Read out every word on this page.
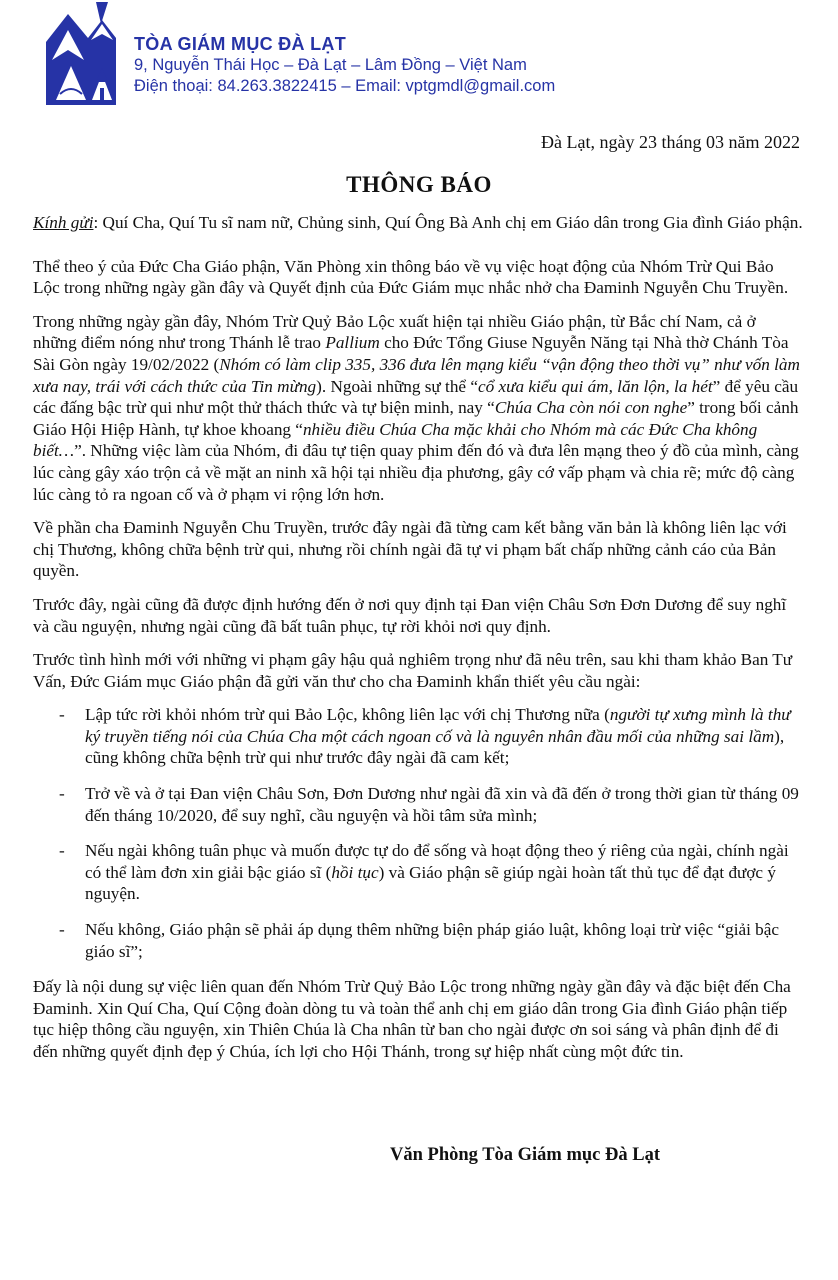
TÒA GIÁM MỤC ĐÀ LẠT
9, Nguyễn Thái Học – Đà Lạt – Lâm Đồng – Việt Nam
Điện thoại: 84.263.3822415 – Email: vptgmdl@gmail.com
Đà Lạt, ngày 23 tháng 03 năm 2022
THÔNG BÁO

Kính gửi: Quí Cha, Quí Tu sĩ nam nữ, Chủng sinh, Quí Ông Bà Anh chị em Giáo dân trong Gia đình Giáo phận.

Thể theo ý của Đức Cha Giáo phận, Văn Phòng xin thông báo về vụ việc hoạt động của Nhóm Trừ Qui Bảo Lộc trong những ngày gần đây và Quyết định của Đức Giám mục nhắc nhở cha Đaminh Nguyễn Chu Truyền.

Trong những ngày gần đây, Nhóm Trừ Quỷ Bảo Lộc xuất hiện tại nhiều Giáo phận, từ Bắc chí Nam, cả ở những điểm nóng như trong Thánh lễ trao Pallium cho Đức Tổng Giuse Nguyễn Năng tại Nhà thờ Chánh Tòa Sài Gòn ngày 19/02/2022 (Nhóm có làm clip 335, 336 đưa lên mạng kiểu “vận động theo thời vụ” như vốn làm xưa nay, trái với cách thức của Tin mừng). Ngoài những sự thể “cổ xưa kiểu qui ám, lăn lộn, la hét” để yêu cầu các đấng bậc trừ qui như một thử thách thức và tự biện minh, nay “Chúa Cha còn nói con nghe” trong bối cảnh Giáo Hội Hiệp Hành, tự khoe khoang “nhiều điều Chúa Cha mặc khải cho Nhóm mà các Đức Cha không biết…”. Những việc làm của Nhóm, đi đâu tự tiện quay phim đến đó và đưa lên mạng theo ý đồ của mình, càng lúc càng gây xáo trộn cả về mặt an ninh xã hội tại nhiều địa phương, gây cớ vấp phạm và chia rẽ; mức độ càng lúc càng tỏ ra ngoan cố và ở phạm vi rộng lớn hơn.

Về phần cha Đaminh Nguyễn Chu Truyền, trước đây ngài đã từng cam kết bằng văn bản là không liên lạc với chị Thương, không chữa bệnh trừ qui, nhưng rồi chính ngài đã tự vi phạm bất chấp những cảnh cáo của Bản quyền.

Trước đây, ngài cũng đã được định hướng đến ở nơi quy định tại Đan viện Châu Sơn Đơn Dương để suy nghĩ và cầu nguyện, nhưng ngài cũng đã bất tuân phục, tự rời khỏi nơi quy định.

Trước tình hình mới với những vi phạm gây hậu quả nghiêm trọng như đã nêu trên, sau khi tham khảo Ban Tư Vấn, Đức Giám mục Giáo phận đã gửi văn thư cho cha Đaminh khẩn thiết yêu cầu ngài:

- Lập tức rời khỏi nhóm trừ qui Bảo Lộc, không liên lạc với chị Thương nữa (người tự xưng mình là thư ký truyền tiếng nói của Chúa Cha một cách ngoan cố và là nguyên nhân đầu mối của những sai lầm), cũng không chữa bệnh trừ qui như trước đây ngài đã cam kết;
- Trở về và ở tại Đan viện Châu Sơn, Đơn Dương như ngài đã xin và đã đến ở trong thời gian từ tháng 09 đến tháng 10/2020, để suy nghĩ, cầu nguyện và hồi tâm sửa mình;
- Nếu ngài không tuân phục và muốn được tự do để sống và hoạt động theo ý riêng của ngài, chính ngài có thể làm đơn xin giải bậc giáo sĩ (hồi tục) và Giáo phận sẽ giúp ngài hoàn tất thủ tục để đạt được ý nguyện.
- Nếu không, Giáo phận sẽ phải áp dụng thêm những biện pháp giáo luật, không loại trừ việc “giải bậc giáo sĩ”;

Đấy là nội dung sự việc liên quan đến Nhóm Trừ Quỷ Bảo Lộc trong những ngày gần đây và đặc biệt đến Cha Đaminh. Xin Quí Cha, Quí Cộng đoàn dòng tu và toàn thể anh chị em giáo dân trong Gia đình Giáo phận tiếp tục hiệp thông cầu nguyện, xin Thiên Chúa là Cha nhân từ ban cho ngài được ơn soi sáng và phân định để đi đến những quyết định đẹp ý Chúa, ích lợi cho Hội Thánh, trong sự hiệp nhất cùng một đức tin.

Văn Phòng Tòa Giám mục Đà Lạt
